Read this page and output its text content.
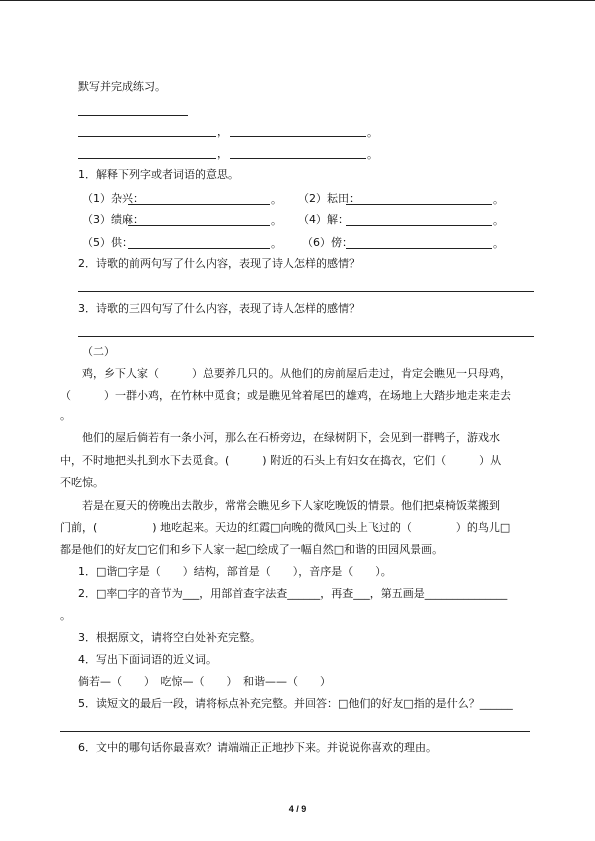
默写并完成练习。
，	。
，	。
1．解释下列字或者词语的意思。
（1）杂兴：	。 （2）耘田：	。
（3）绩麻：	。 （4）解：	。
（5）供：	。 （6）傍：	。
2．诗歌的前两句写了什么内容，表现了诗人怎样的感情？
3．诗歌的三四句写了什么内容，表现了诗人怎样的感情？
（二）
鸡，乡下人家（　　　）总要养几只的。从他们的房前屋后走过，肯定会瞧见一只母鸡，
（　　　）一群小鸡，在竹林中觅食；或是瞧见耸着尾巴的雄鸡，在场地上大踏步地走来走去
。
他们的屋后倘若有一条小河，那么在石桥旁边，在绿树阴下，会见到一群鸭子，游戏水
中，不时地把头扎到水下去觅食。(　　　) 附近的石头上有妇女在捣衣，它们（　　　）从
不吃惊。
若是在夏天的傍晚出去散步，常常会瞧见乡下人家吃晚饭的情景。他们把桌椅饭菜搬到
门前，(　　　　　) 地吃起来。天边的红霞□向晚的微风□头上飞过的（　　　　）的鸟儿□
都是他们的好友□它们和乡下人家一起□绘成了一幅自然□和谐的田园风景画。
1．□谐□字是（　　）结构，部首是（　　），音序是（　　）。
2．□率□字的音节为___，用部首查字法查______，再查___，第五画是_______________
。
3．根据原文，请将空白处补充完整。
4．写出下面词语的近义词。
倘若—（　　）　吃惊—（　　）　和谐——（　　）
5．读短文的最后一段，请将标点补充完整。并回答：□他们的好友□指的是什么？______
6．文中的哪句话你最喜欢？请端端正正地抄下来。并说说你喜欢的理由。
4 / 9
